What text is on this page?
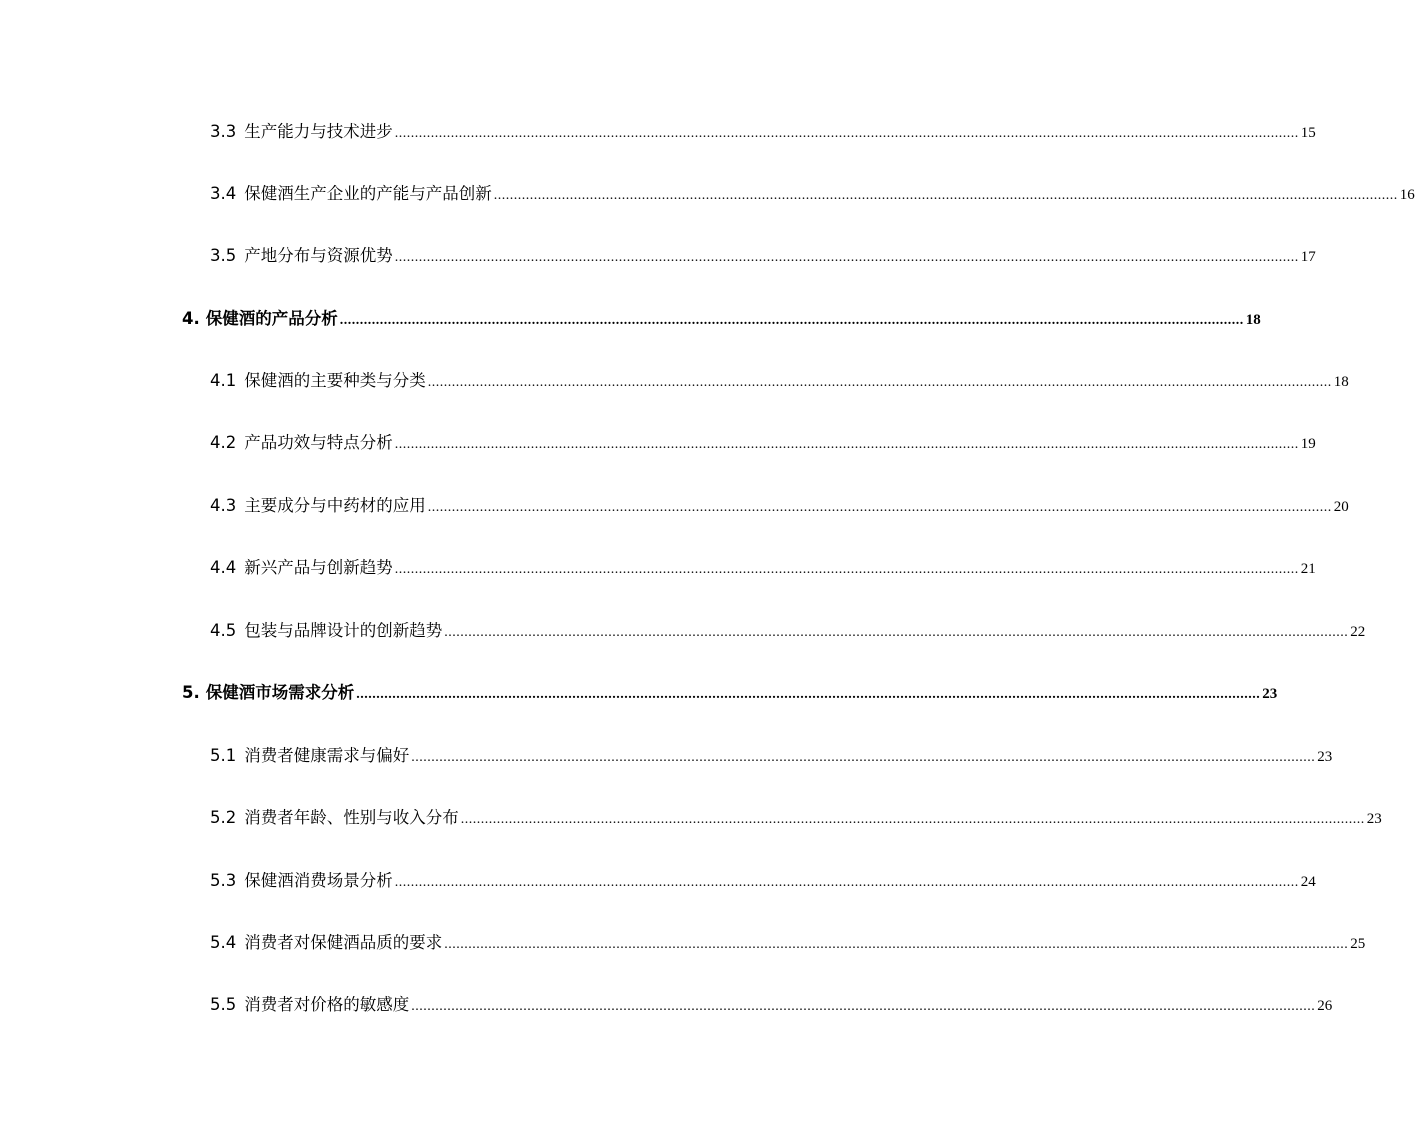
3.3 生产能力与技术进步 .................................................................................................................................................................................................................................. 15
3.4 保健酒生产企业的产能与产品创新 .................................................................................................................................................................................................................................. 16
3.5 产地分布与资源优势 .................................................................................................................................................................................................................................. 17
4. 保健酒的产品分析 .................................................................................................................................................................................................................................. 18
4.1 保健酒的主要种类与分类 .................................................................................................................................................................................................................................. 18
4.2 产品功效与特点分析 .................................................................................................................................................................................................................................. 19
4.3 主要成分与中药材的应用 .................................................................................................................................................................................................................................. 20
4.4 新兴产品与创新趋势 .................................................................................................................................................................................................................................. 21
4.5 包装与品牌设计的创新趋势 .................................................................................................................................................................................................................................. 22
5. 保健酒市场需求分析 .................................................................................................................................................................................................................................. 23
5.1 消费者健康需求与偏好 .................................................................................................................................................................................................................................. 23
5.2 消费者年龄、性别与收入分布 .................................................................................................................................................................................................................................. 23
5.3 保健酒消费场景分析 .................................................................................................................................................................................................................................. 24
5.4 消费者对保健酒品质的要求 .................................................................................................................................................................................................................................. 25
5.5 消费者对价格的敏感度 .................................................................................................................................................................................................................................. 26
